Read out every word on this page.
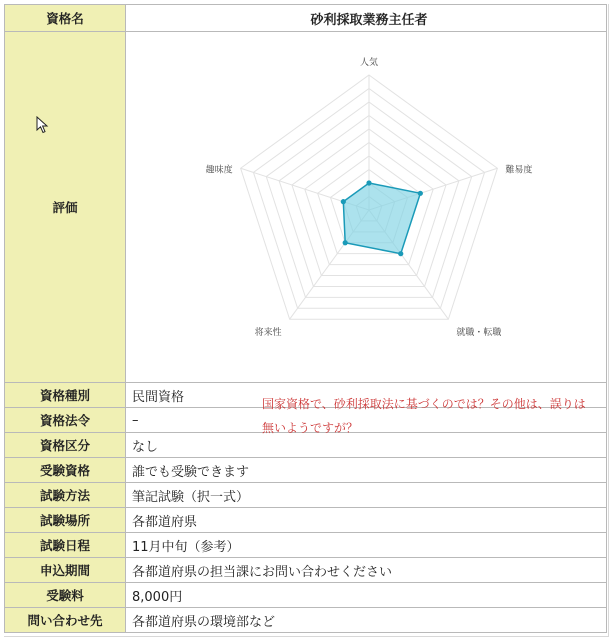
資格名	砂利採取業務主任者
評価	人気
難易度
就職・転職
将来性
趣味度

資格種別	民間資格
資格法令	–
資格区分	なし
受験資格	誰でも受験できます
試験方法	筆記試験（択一式）
試験場所	各都道府県
試験日程	11月中旬（参考）
申込期間	各都道府県の担当課にお問い合わせください
受験料	8,000円
問い合わせ先	各都道府県の環境部など
国家資格で、砂利採取法に基づくのでは？その他は、誤りは無いようですが？
